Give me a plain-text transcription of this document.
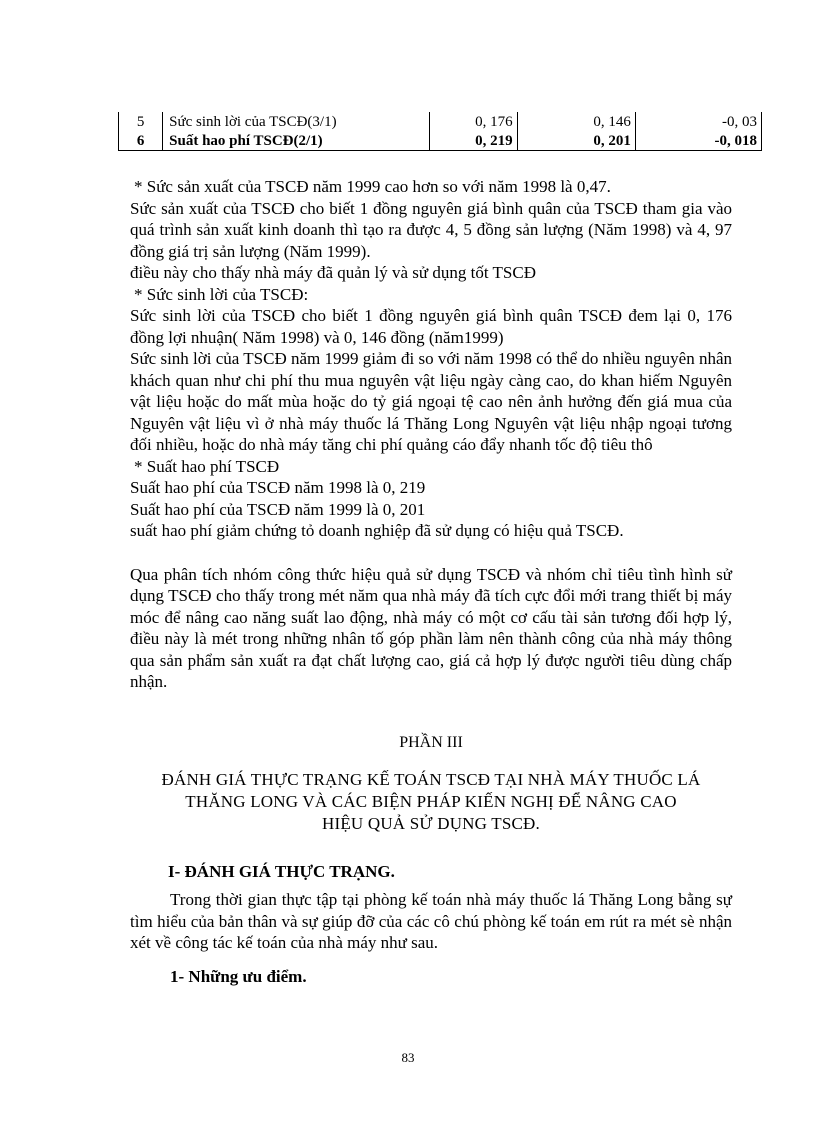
5	Sức sinh lời của TSCĐ(3/1)	0, 176	0, 146	-0, 03
6	Suất hao phí TSCĐ(2/1)	0, 219	0, 201	-0, 018

* Sức sản xuất của TSCĐ năm 1999 cao hơn so với năm 1998 là 0,47.

Sức sản xuất của TSCĐ cho biết 1 đồng nguyên giá bình quân của TSCĐ tham gia vào quá trình sản xuất kinh doanh thì tạo ra được 4, 5 đồng sản lượng (Năm 1998) và 4, 97 đồng giá trị sản lượng (Năm 1999).

điều này cho thấy nhà máy đã quản lý và sử dụng tốt TSCĐ

* Sức sinh lời của TSCĐ:

Sức sinh lời của TSCĐ cho biết 1 đồng nguyên giá bình quân TSCĐ đem lại 0, 176 đồng lợi nhuận( Năm 1998) và 0, 146 đồng (năm1999)

Sức sinh lời của TSCĐ năm 1999 giảm đi so với năm 1998 có thể do nhiều nguyên nhân khách quan như chi phí thu mua nguyên vật liệu ngày càng cao, do khan hiếm Nguyên vật liệu hoặc do mất mùa hoặc do tỷ giá ngoại tệ cao nên ảnh hưởng đến giá mua của Nguyên vật liệu vì ở nhà máy thuốc lá Thăng Long Nguyên vật liệu nhập ngoại tương đối nhiều, hoặc do nhà máy tăng chi phí quảng cáo đẩy nhanh tốc độ tiêu thô

* Suất hao phí TSCĐ

Suất hao phí của TSCĐ năm 1998 là 0, 219

Suất hao phí của TSCĐ năm 1999 là 0, 201

suất hao phí giảm chứng tỏ doanh nghiệp đã sử dụng có hiệu quả TSCĐ.

Qua phân tích nhóm công thức hiệu quả sử dụng TSCĐ và nhóm chỉ tiêu tình hình sử dụng TSCĐ cho thấy trong mét năm qua nhà máy đã tích cực đổi mới trang thiết bị máy móc để nâng cao năng suất lao động, nhà máy có một cơ cấu tài sản tương đối hợp lý, điều này là mét trong những nhân tố góp phần làm nên thành công của nhà máy thông qua sản phẩm sản xuất ra đạt chất lượng cao, giá cả hợp lý được người tiêu dùng chấp nhận.

PHẦN III
ĐÁNH GIÁ THỰC TRẠNG KẾ TOÁN TSCĐ TẠI NHÀ MÁY THUỐC LÁ
THĂNG LONG VÀ CÁC BIỆN PHÁP KIẾN NGHỊ ĐỂ NÂNG CAO
HIỆU QUẢ SỬ DỤNG TSCĐ.
I- ĐÁNH GIÁ THỰC TRẠNG.
Trong thời gian thực tập tại phòng kế toán nhà máy thuốc lá Thăng Long bằng sự tìm hiểu của bản thân và sự giúp đỡ của các cô chú phòng kế toán em rút ra mét sè nhận xét về công tác kế toán của nhà máy như sau.
1- Những ưu điểm.
83
